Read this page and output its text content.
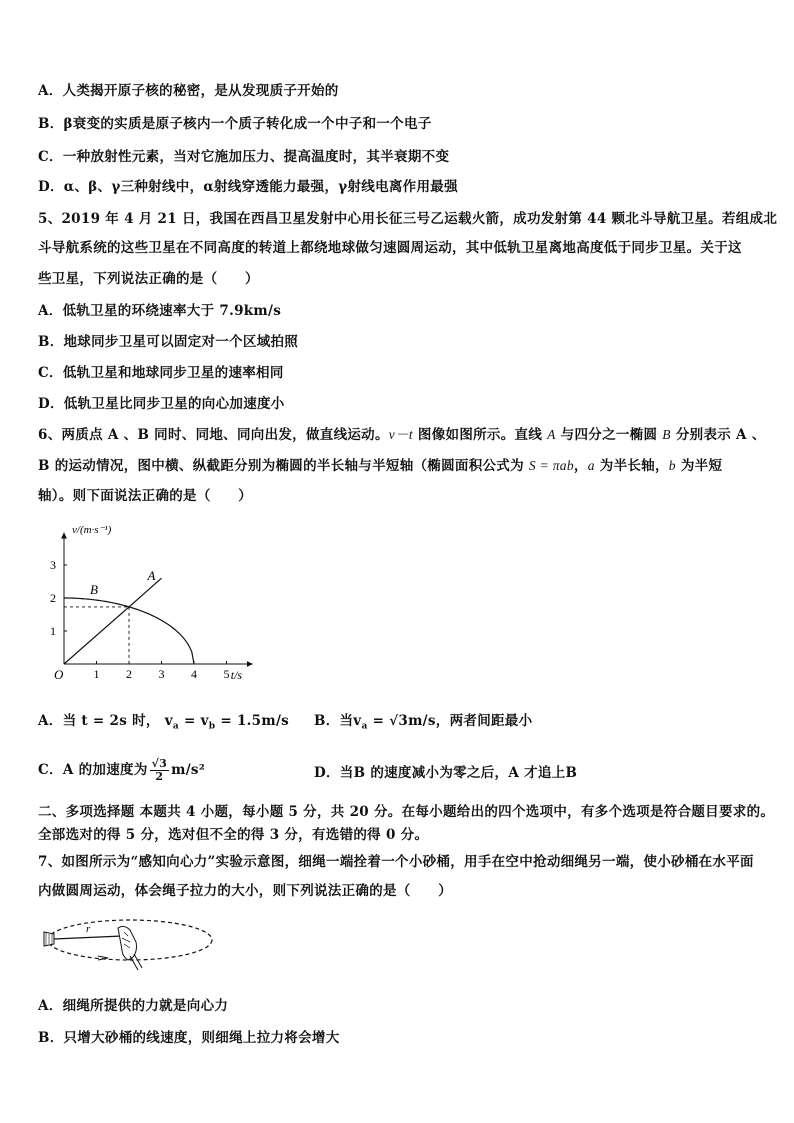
A．人类揭开原子核的秘密，是从发现质子开始的
B．β衰变的实质是原子核内一个质子转化成一个中子和一个电子
C．一种放射性元素，当对它施加压力、提高温度时，其半衰期不变
D．α、β、γ三种射线中，α射线穿透能力最强，γ射线电离作用最强
5、2019 年 4 月 21 日，我国在西昌卫星发射中心用长征三号乙运载火箭，成功发射第 44 颗北斗导航卫星。若组成北
斗导航系统的这些卫星在不同高度的转道上都绕地球做匀速圆周运动，其中低轨卫星离地高度低于同步卫星。关于这
些卫星，下列说法正确的是（　　）
A．低轨卫星的环绕速率大于 7.9km/s
B．地球同步卫星可以固定对一个区域拍照
C．低轨卫星和地球同步卫星的速率相同
D．低轨卫星比同步卫星的向心加速度小
6、两质点 A 、B 同时、同地、同向出发，做直线运动。v－t 图像如图所示。直线 A 与四分之一椭圆 B 分别表示 A 、
B 的运动情况，图中横、纵截距分别为椭圆的半长轴与半短轴（椭圆面积公式为 S = πab，a 为半长轴，b 为半短
轴）。则下面说法正确的是（　　）
1 2 3 4 5
1
2
3
O	t/s
v/(m·s⁻¹)
A
B
A．当 t = 2s 时， $v_a = v_b = 1.5m/s$ B．当$v_a = √3m/s$，两者间距最小
C．A 的加速度为 $\frac{√3}{2} m/s^2$	D．当B 的速度减小为零之后，A 才追上B
二、多项选择题 本题共 4 小题，每小题 5 分，共 20 分。在每小题给出的四个选项中，有多个选项是符合题目要求的。
全部选对的得 5 分，选对但不全的得 3 分，有选错的得 0 分。
7、如图所示为“感知向心力”实验示意图，细绳一端拴着一个小砂桶，用手在空中抢动细绳另一端，使小砂桶在水平面
内做圆周运动，体会绳子拉力的大小，则下列说法正确的是（　　）
r
A．细绳所提供的力就是向心力
B．只增大砂桶的线速度，则细绳上拉力将会增大
